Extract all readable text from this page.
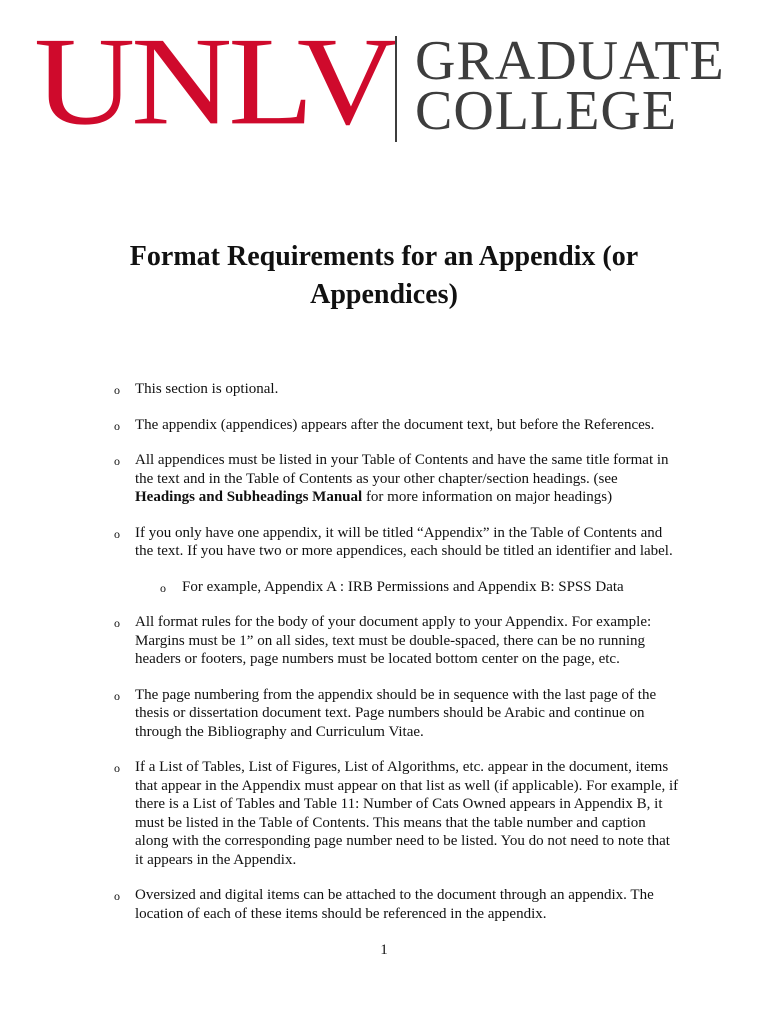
UNLV GRADUATE
COLLEGE
Format Requirements for an Appendix (or Appendices)
o This section is optional.
o The appendix (appendices) appears after the document text, but before the References.
o All appendices must be listed in your Table of Contents and have the same title format in the text and in the Table of Contents as your other chapter/section headings. (see Headings and Subheadings Manual for more information on major headings)
o If you only have one appendix, it will be titled “Appendix” in the Table of Contents and the text. If you have two or more appendices, each should be titled an identifier and label.
o For example, Appendix A : IRB Permissions and Appendix B: SPSS Data
o All format rules for the body of your document apply to your Appendix. For example: Margins must be 1” on all sides, text must be double-spaced, there can be no running headers or footers, page numbers must be located bottom center on the page, etc.
o The page numbering from the appendix should be in sequence with the last page of the thesis or dissertation document text. Page numbers should be Arabic and continue on through the Bibliography and Curriculum Vitae.
o If a List of Tables, List of Figures, List of Algorithms, etc. appear in the document, items that appear in the Appendix must appear on that list as well (if applicable). For example, if there is a List of Tables and Table 11: Number of Cats Owned appears in Appendix B, it must be listed in the Table of Contents. This means that the table number and caption along with the corresponding page number need to be listed. You do not need to note that it appears in the Appendix.
o Oversized and digital items can be attached to the document through an appendix. The location of each of these items should be referenced in the appendix.
1
